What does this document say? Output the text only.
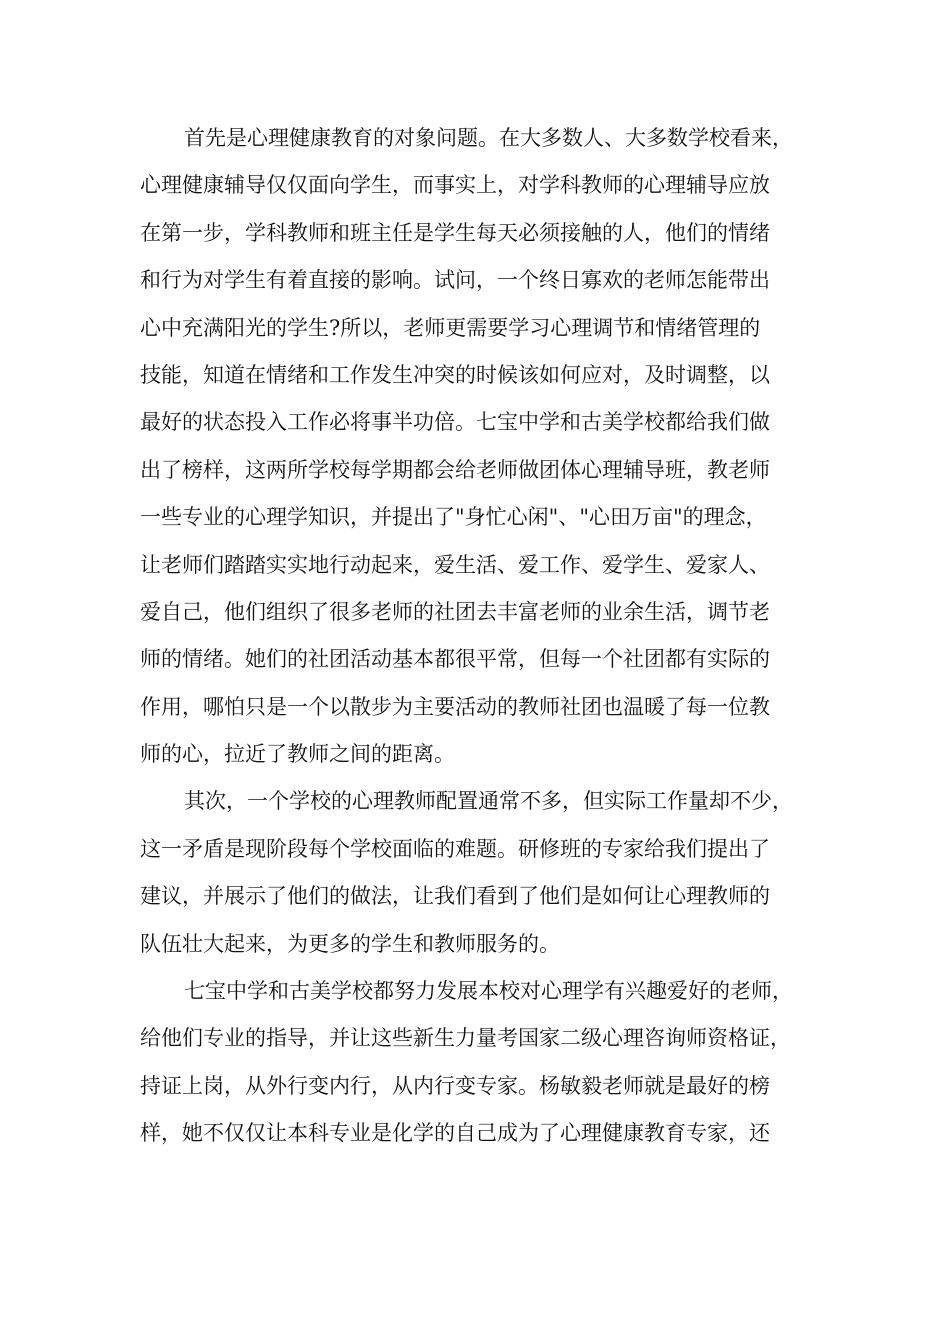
首先是心理健康教育的对象问题。在大多数人、大多数学校看来，
心理健康辅导仅仅面向学生，而事实上，对学科教师的心理辅导应放
在第一步，学科教师和班主任是学生每天必须接触的人，他们的情绪
和行为对学生有着直接的影响。试问，一个终日寡欢的老师怎能带出
心中充满阳光的学生?所以，老师更需要学习心理调节和情绪管理的
技能，知道在情绪和工作发生冲突的时候该如何应对，及时调整，以
最好的状态投入工作必将事半功倍。七宝中学和古美学校都给我们做
出了榜样，这两所学校每学期都会给老师做团体心理辅导班，教老师
一些专业的心理学知识，并提出了"身忙心闲"、"心田万亩"的理念，
让老师们踏踏实实地行动起来，爱生活、爱工作、爱学生、爱家人、
爱自己，他们组织了很多老师的社团去丰富老师的业余生活，调节老
师的情绪。她们的社团活动基本都很平常，但每一个社团都有实际的
作用，哪怕只是一个以散步为主要活动的教师社团也温暖了每一位教
师的心，拉近了教师之间的距离。
其次，一个学校的心理教师配置通常不多，但实际工作量却不少，
这一矛盾是现阶段每个学校面临的难题。研修班的专家给我们提出了
建议，并展示了他们的做法，让我们看到了他们是如何让心理教师的
队伍壮大起来，为更多的学生和教师服务的。
七宝中学和古美学校都努力发展本校对心理学有兴趣爱好的老师，
给他们专业的指导，并让这些新生力量考国家二级心理咨询师资格证，
持证上岗，从外行变内行，从内行变专家。杨敏毅老师就是最好的榜
样，她不仅仅让本科专业是化学的自己成为了心理健康教育专家，还
